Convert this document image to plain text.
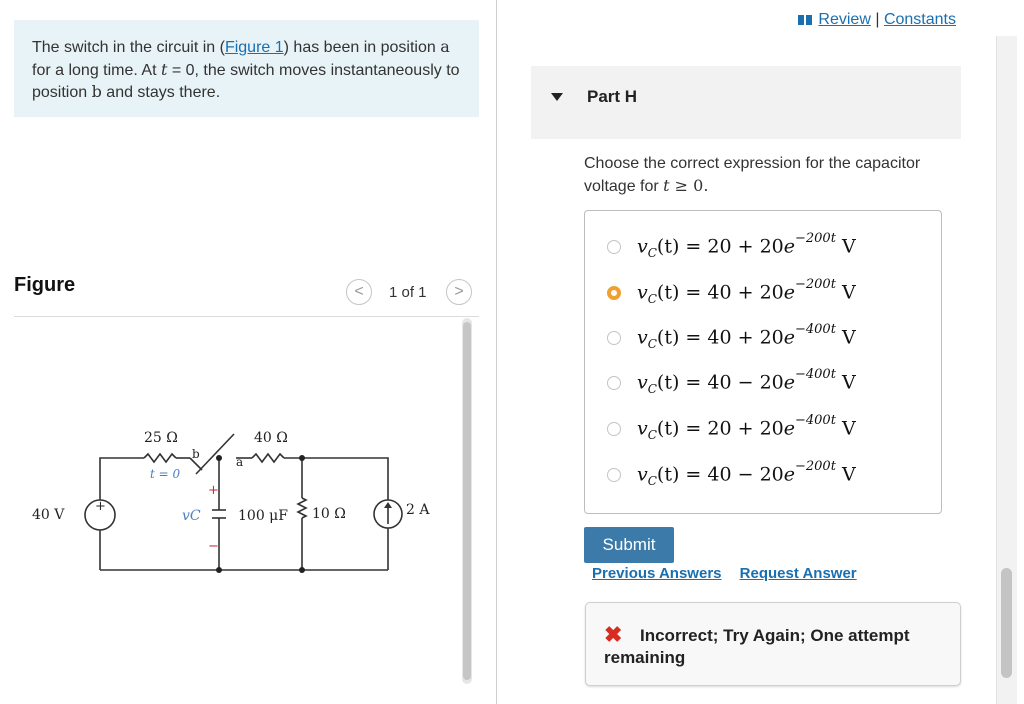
The switch in the circuit in (Figure 1) has been in position a for a long time. At t = 0, the switch moves instantaneously to position b and stays there.
Figure	<	1 of 1	>
40 V
+
25 Ω	40 Ω
a
b
t = 0
+
−
vC	100 μF 10 Ω	2 A
Review | Constants
Part H
Choose the correct expression for the capacitor
voltage for t ≥ 0.
$v_C(t) = 20 + 20e^{-200t}$ V
$v_C(t) = 40 + 20e^{-200t}$ V
$v_C(t) = 40 + 20e^{-400t}$ V
$v_C(t) = 40 - 20e^{-400t}$ V
$v_C(t) = 20 + 20e^{-400t}$ V
$v_C(t) = 40 - 20e^{-200t}$ V
Submit
Previous Answers Request Answer
✖	Incorrect; Try Again; One attempt remaining
